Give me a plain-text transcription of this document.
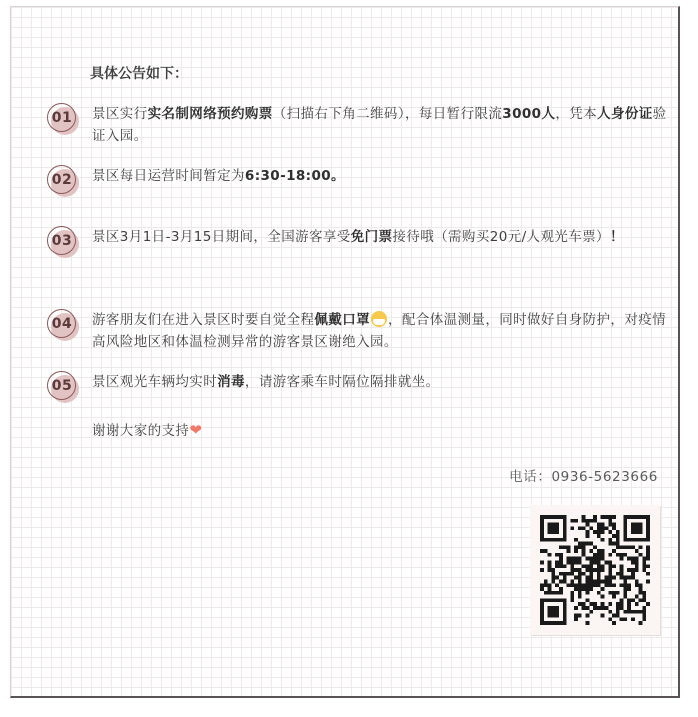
具体公告如下：
01	景区实行实名制网络预约购票（扫描右下角二维码），每日暂行限流3000人，凭本人身份证验证入园。
02	景区每日运营时间暂定为6:30-18:00。
03	景区3月1日-3月15日期间，全国游客享受免门票接待哦（需购买20元/人观光车票）！
04	游客朋友们在进入景区时要自觉全程佩戴口罩 ，配合体温测量，同时做好自身防护，对疫情高风险地区和体温检测异常的游客景区谢绝入园。
05	景区观光车辆均实时消毒，请游客乘车时隔位隔排就坐。
谢谢大家的支持❤
电话：0936-5623666
